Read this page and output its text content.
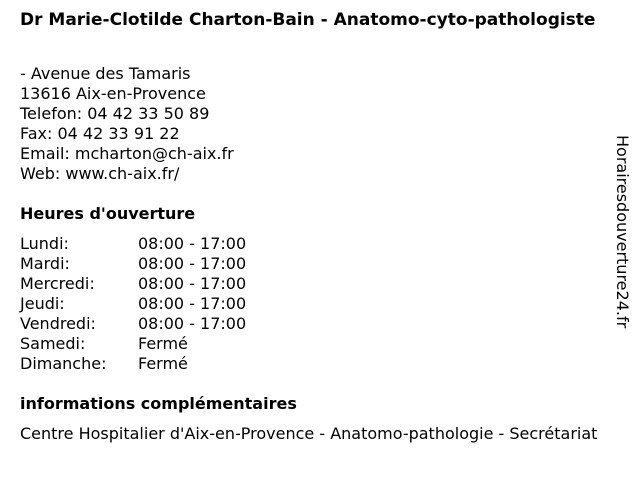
Dr Marie-Clotilde Charton-Bain - Anatomo-cyto-pathologiste
- Avenue des Tamaris
13616 Aix-en-Provence
Telefon: 04 42 33 50 89
Fax: 04 42 33 91 22
Email: mcharton@ch-aix.fr
Web: www.ch-aix.fr/
Heures d'ouverture
Lundi:	08:00 - 17:00
Mardi:	08:00 - 17:00
Mercredi:	08:00 - 17:00
Jeudi:	08:00 - 17:00
Vendredi:	08:00 - 17:00
Samedi:	Fermé
Dimanche:	Fermé
informations complémentaires
Centre Hospitalier d'Aix-en-Provence - Anatomo-pathologie - Secrétariat
Horairesdouverture24.fr
